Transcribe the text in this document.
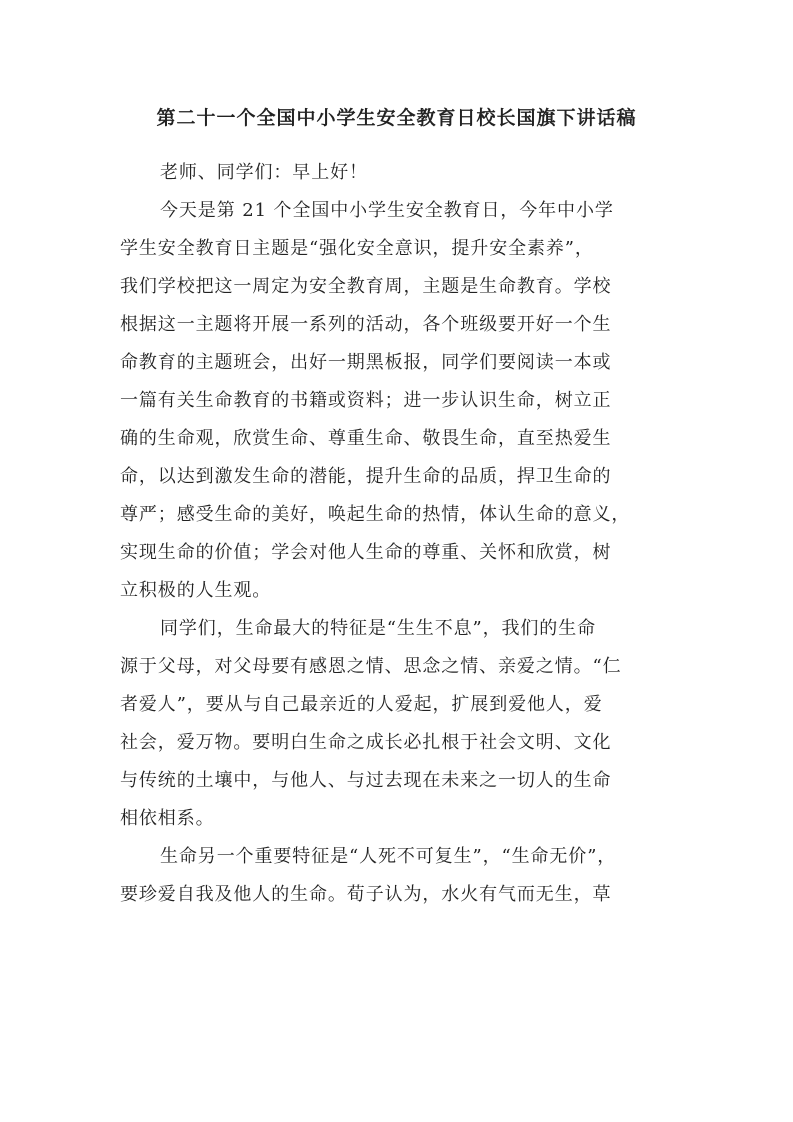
第二十一个全国中小学生安全教育日校长国旗下讲话稿

老师、同学们：早上好！

今天是第 21 个全国中小学生安全教育日，今年中小学
学生安全教育日主题是“强化安全意识，提升安全素养”，
我们学校把这一周定为安全教育周，主题是生命教育。学校
根据这一主题将开展一系列的活动，各个班级要开好一个生
命教育的主题班会，出好一期黑板报，同学们要阅读一本或
一篇有关生命教育的书籍或资料；进一步认识生命，树立正
确的生命观，欣赏生命、尊重生命、敬畏生命，直至热爱生
命，以达到激发生命的潜能，提升生命的品质，捍卫生命的
尊严；感受生命的美好，唤起生命的热情，体认生命的意义，
实现生命的价值；学会对他人生命的尊重、关怀和欣赏，树
立积极的人生观。

同学们，生命最大的特征是“生生不息”，我们的生命
源于父母，对父母要有感恩之情、思念之情、亲爱之情。“仁
者爱人”，要从与自己最亲近的人爱起，扩展到爱他人，爱
社会，爱万物。要明白生命之成长必扎根于社会文明、文化
与传统的土壤中，与他人、与过去现在未来之一切人的生命
相依相系。

生命另一个重要特征是“人死不可复生”，“生命无价”，
要珍爱自我及他人的生命。荀子认为，水火有气而无生，草
